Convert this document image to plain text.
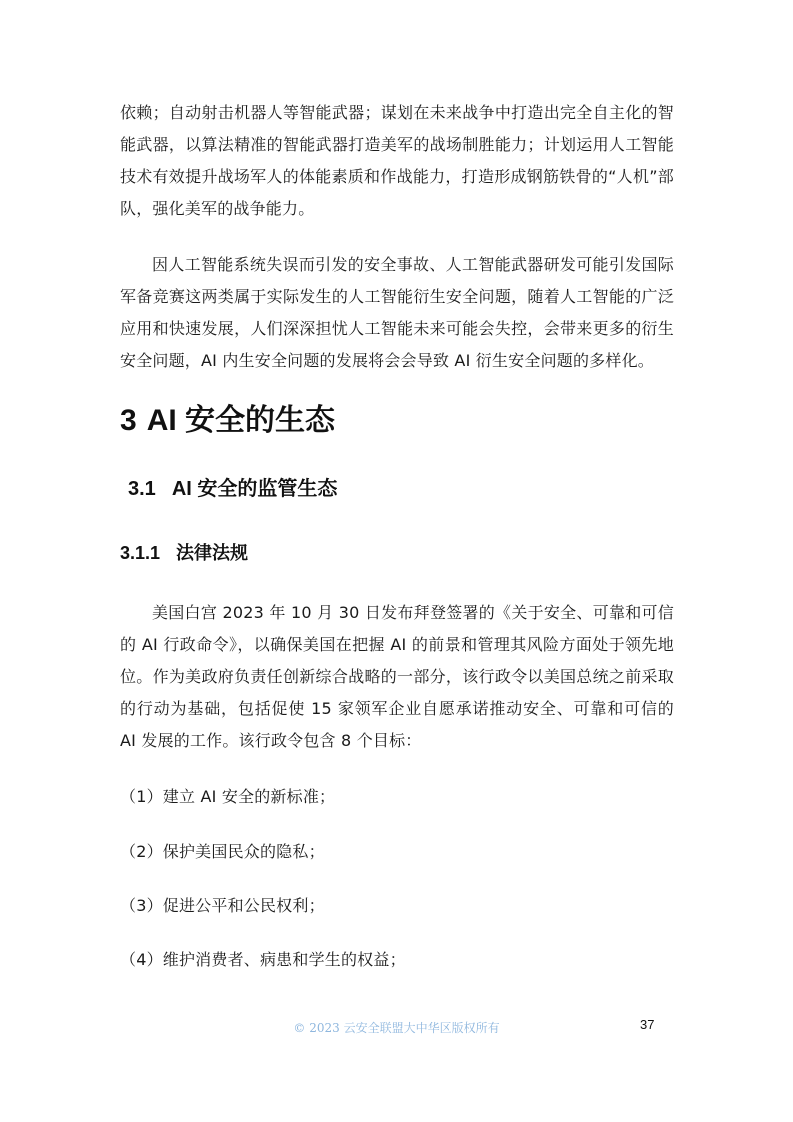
依赖；自动射击机器人等智能武器；谋划在未来战争中打造出完全自主化的智能武器，以算法精准的智能武器打造美军的战场制胜能力；计划运用人工智能技术有效提升战场军人的体能素质和作战能力，打造形成钢筋铁骨的“人机”部队，强化美军的战争能力。

因人工智能系统失误而引发的安全事故、人工智能武器研发可能引发国际军备竞赛这两类属于实际发生的人工智能衍生安全问题，随着人工智能的广泛应用和快速发展，人们深深担忧人工智能未来可能会失控，会带来更多的衍生安全问题，AI 内生安全问题的发展将会会导致 AI 衍生安全问题的多样化。

3 AI 安全的生态
3.1 AI 安全的监管生态
3.1.1 法律法规

美国白宫 2023 年 10 月 30 日发布拜登签署的《关于安全、可靠和可信的 AI 行政命令》，以确保美国在把握 AI 的前景和管理其风险方面处于领先地位。作为美政府负责任创新综合战略的一部分，该行政令以美国总统之前采取的行动为基础，包括促使 15 家领军企业自愿承诺推动安全、可靠和可信的 AI 发展的工作。该行政令包含 8 个目标：

（1）建立 AI 安全的新标准；

（2）保护美国民众的隐私；

（3）促进公平和公民权利；

（4）维护消费者、病患和学生的权益；

© 2023 云安全联盟大中华区版权所有	37
